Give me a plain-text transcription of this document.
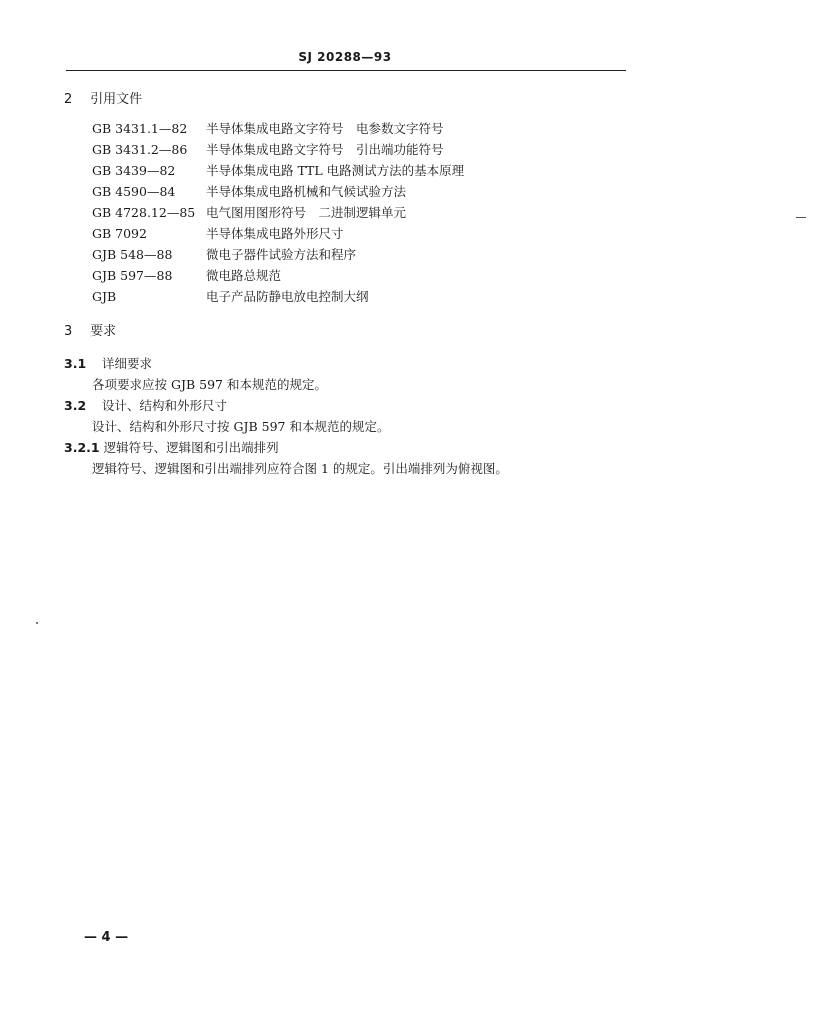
SJ 20288—93
2 引用文件
GB 3431.1—82 半导体集成电路文字符号　电参数文字符号
GB 3431.2—86 半导体集成电路文字符号　引出端功能符号
GB 3439—82 半导体集成电路 TTL 电路测试方法的基本原理
GB 4590—84 半导体集成电路机械和气候试验方法
GB 4728.12—85 电气图用图形符号　二进制逻辑单元
GB 7092	半导体集成电路外形尺寸
GJB 548—88	微电子器件试验方法和程序
GJB 597—88	微电路总规范
GJB	电子产品防静电放电控制大纲
3 要求
3.1 详细要求
各项要求应按 GJB 597 和本规范的规定。
3.2 设计、结构和外形尺寸
设计、结构和外形尺寸按 GJB 597 和本规范的规定。
3.2.1 逻辑符号、逻辑图和引出端排列
逻辑符号、逻辑图和引出端排列应符合图 1 的规定。引出端排列为俯视图。
— 4 —
